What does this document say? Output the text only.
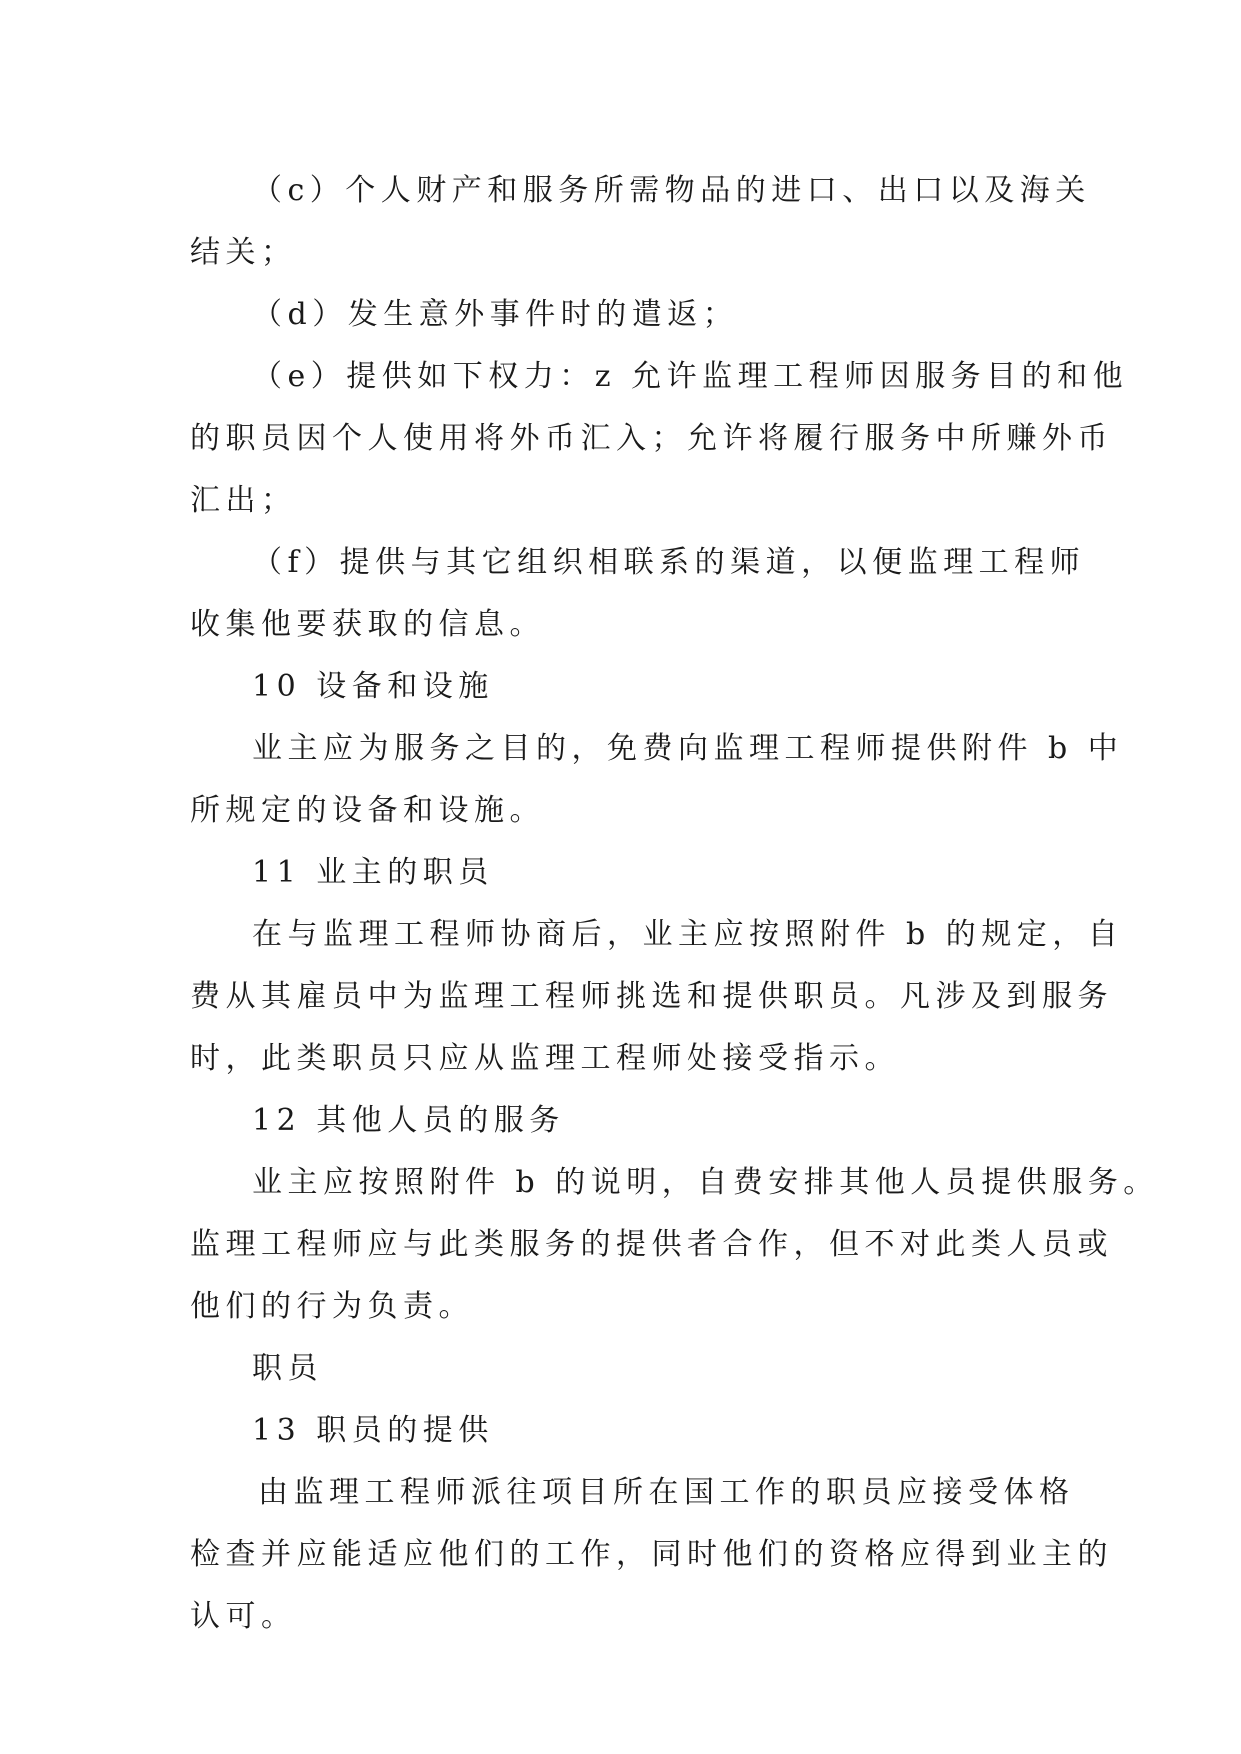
（c）个人财产和服务所需物品的进口、出口以及海关
结关；
（d）发生意外事件时的遣返；
（e）提供如下权力：z 允许监理工程师因服务目的和他
的职员因个人使用将外币汇入；允许将履行服务中所赚外币
汇出；
（f）提供与其它组织相联系的渠道，以便监理工程师
收集他要获取的信息。
10 设备和设施
业主应为服务之目的，免费向监理工程师提供附件 b 中
所规定的设备和设施。
11 业主的职员
在与监理工程师协商后，业主应按照附件 b 的规定，自
费从其雇员中为监理工程师挑选和提供职员。凡涉及到服务
时，此类职员只应从监理工程师处接受指示。
12 其他人员的服务
业主应按照附件 b 的说明，自费安排其他人员提供服务。
监理工程师应与此类服务的提供者合作，但不对此类人员或
他们的行为负责。
职员
13 职员的提供
由监理工程师派往项目所在国工作的职员应接受体格
检查并应能适应他们的工作，同时他们的资格应得到业主的
认可。
